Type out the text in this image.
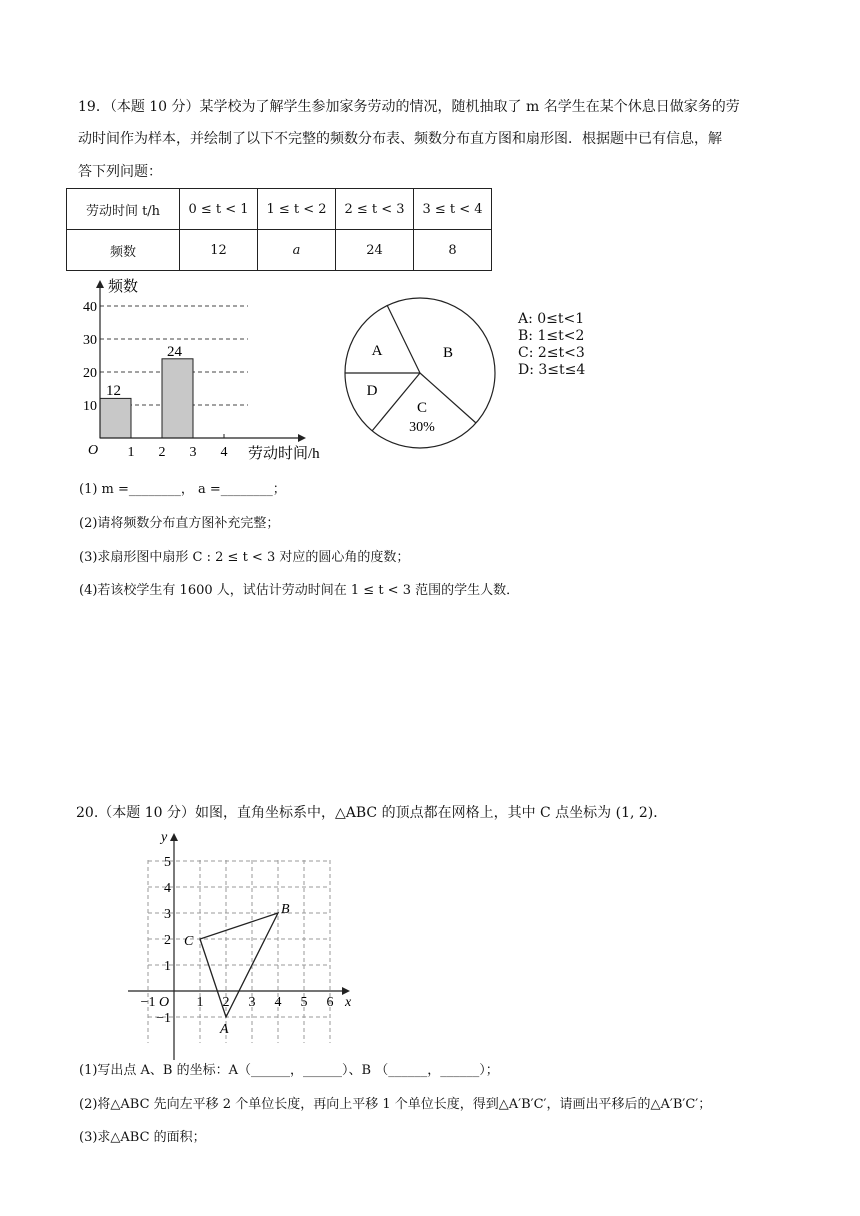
19．（本题 10 分）某学校为了解学生参加家务劳动的情况，随机抽取了 m 名学生在某个休息日做家务的劳
动时间作为样本，并绘制了以下不完整的频数分布表、频数分布直方图和扇形图．根据题中已有信息，解
答下列问题：
劳动时间 t/h	0 ≤ t < 1	1 ≤ t < 2	2 ≤ t < 3	3 ≤ t < 4
频数	12	a	24	8
频数
10
20
30
40
O 1 2 3 4 劳动时间/h
12
24	A	B
C
30%
D
A: 0≤t<1
B: 1≤t<2
C: 2≤t<3
D: 3≤t≤4
(1) m =________， a =________；
(2)请将频数分布直方图补充完整；
(3)求扇形图中扇形 C : 2 ≤ t < 3 对应的圆心角的度数；
(4)若该校学生有 1600 人，试估计劳动时间在 1 ≤ t < 3 范围的学生人数．
20.（本题 10 分）如图，直角坐标系中，△ABC 的顶点都在网格上，其中 C 点坐标为 (1, 2)．
y
x
O
−1	1 2 3 4 5 6
−1
1
2
3
4
5
A
B
C
(1)写出点 A、B 的坐标：A（______，______）、B （______，______）；
(2)将△ABC 先向左平移 2 个单位长度，再向上平移 1 个单位长度，得到△A′B′C′，请画出平移后的△A′B′C′；
(3)求△ABC 的面积；
